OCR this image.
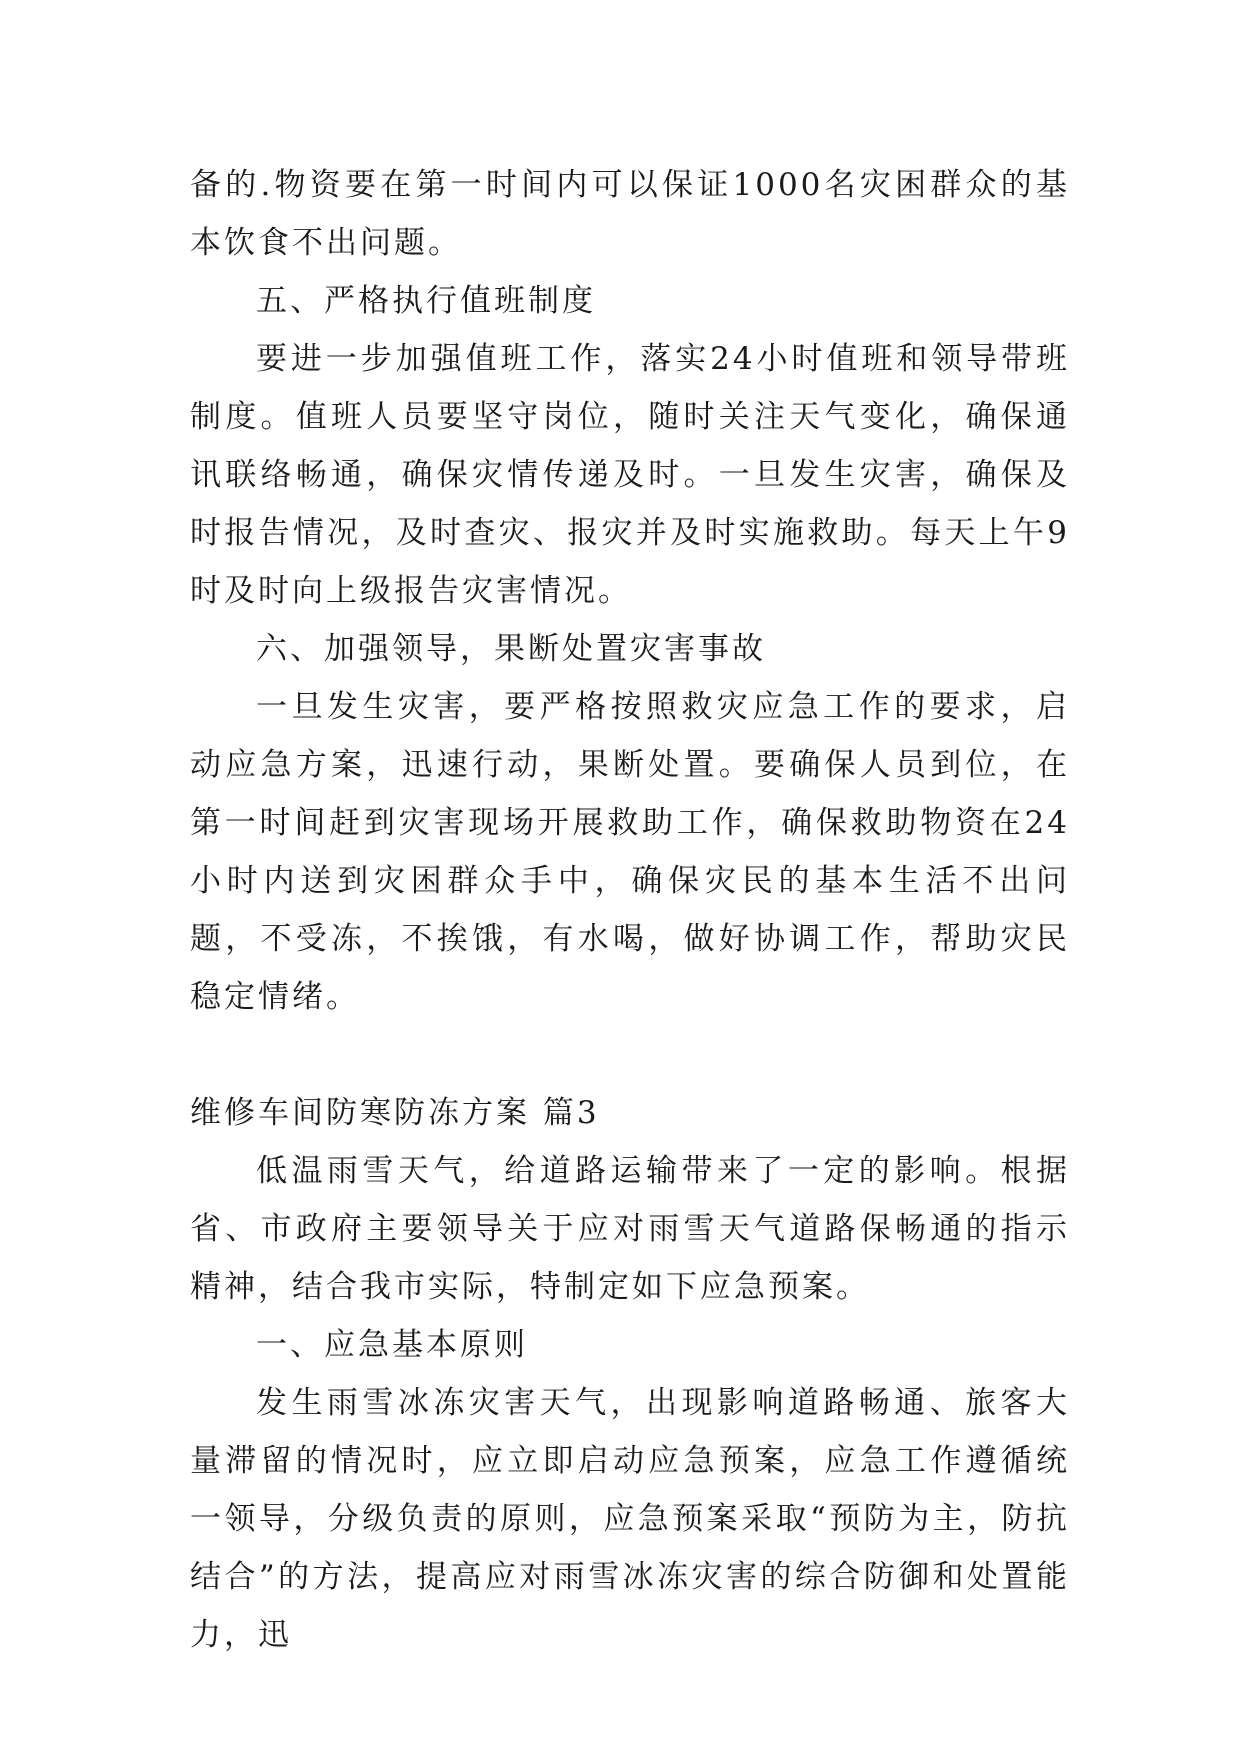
备的.物资要在第一时间内可以保证1000名灾困群众的基本饮食不出问题。

五、严格执行值班制度

要进一步加强值班工作，落实24小时值班和领导带班制度。值班人员要坚守岗位，随时关注天气变化，确保通讯联络畅通，确保灾情传递及时。一旦发生灾害，确保及时报告情况，及时查灾、报灾并及时实施救助。每天上午9时及时向上级报告灾害情况。

六、加强领导，果断处置灾害事故

一旦发生灾害，要严格按照救灾应急工作的要求，启动应急方案，迅速行动，果断处置。要确保人员到位，在第一时间赶到灾害现场开展救助工作，确保救助物资在24小时内送到灾困群众手中，确保灾民的基本生活不出问题，不受冻，不挨饿，有水喝，做好协调工作，帮助灾民稳定情绪。

维修车间防寒防冻方案 篇3

低温雨雪天气，给道路运输带来了一定的影响。根据省、市政府主要领导关于应对雨雪天气道路保畅通的指示精神，结合我市实际，特制定如下应急预案。

一、应急基本原则

发生雨雪冰冻灾害天气，出现影响道路畅通、旅客大量滞留的情况时，应立即启动应急预案，应急工作遵循统一领导，分级负责的原则，应急预案采取“预防为主，防抗结合”的方法，提高应对雨雪冰冻灾害的综合防御和处置能力，迅
